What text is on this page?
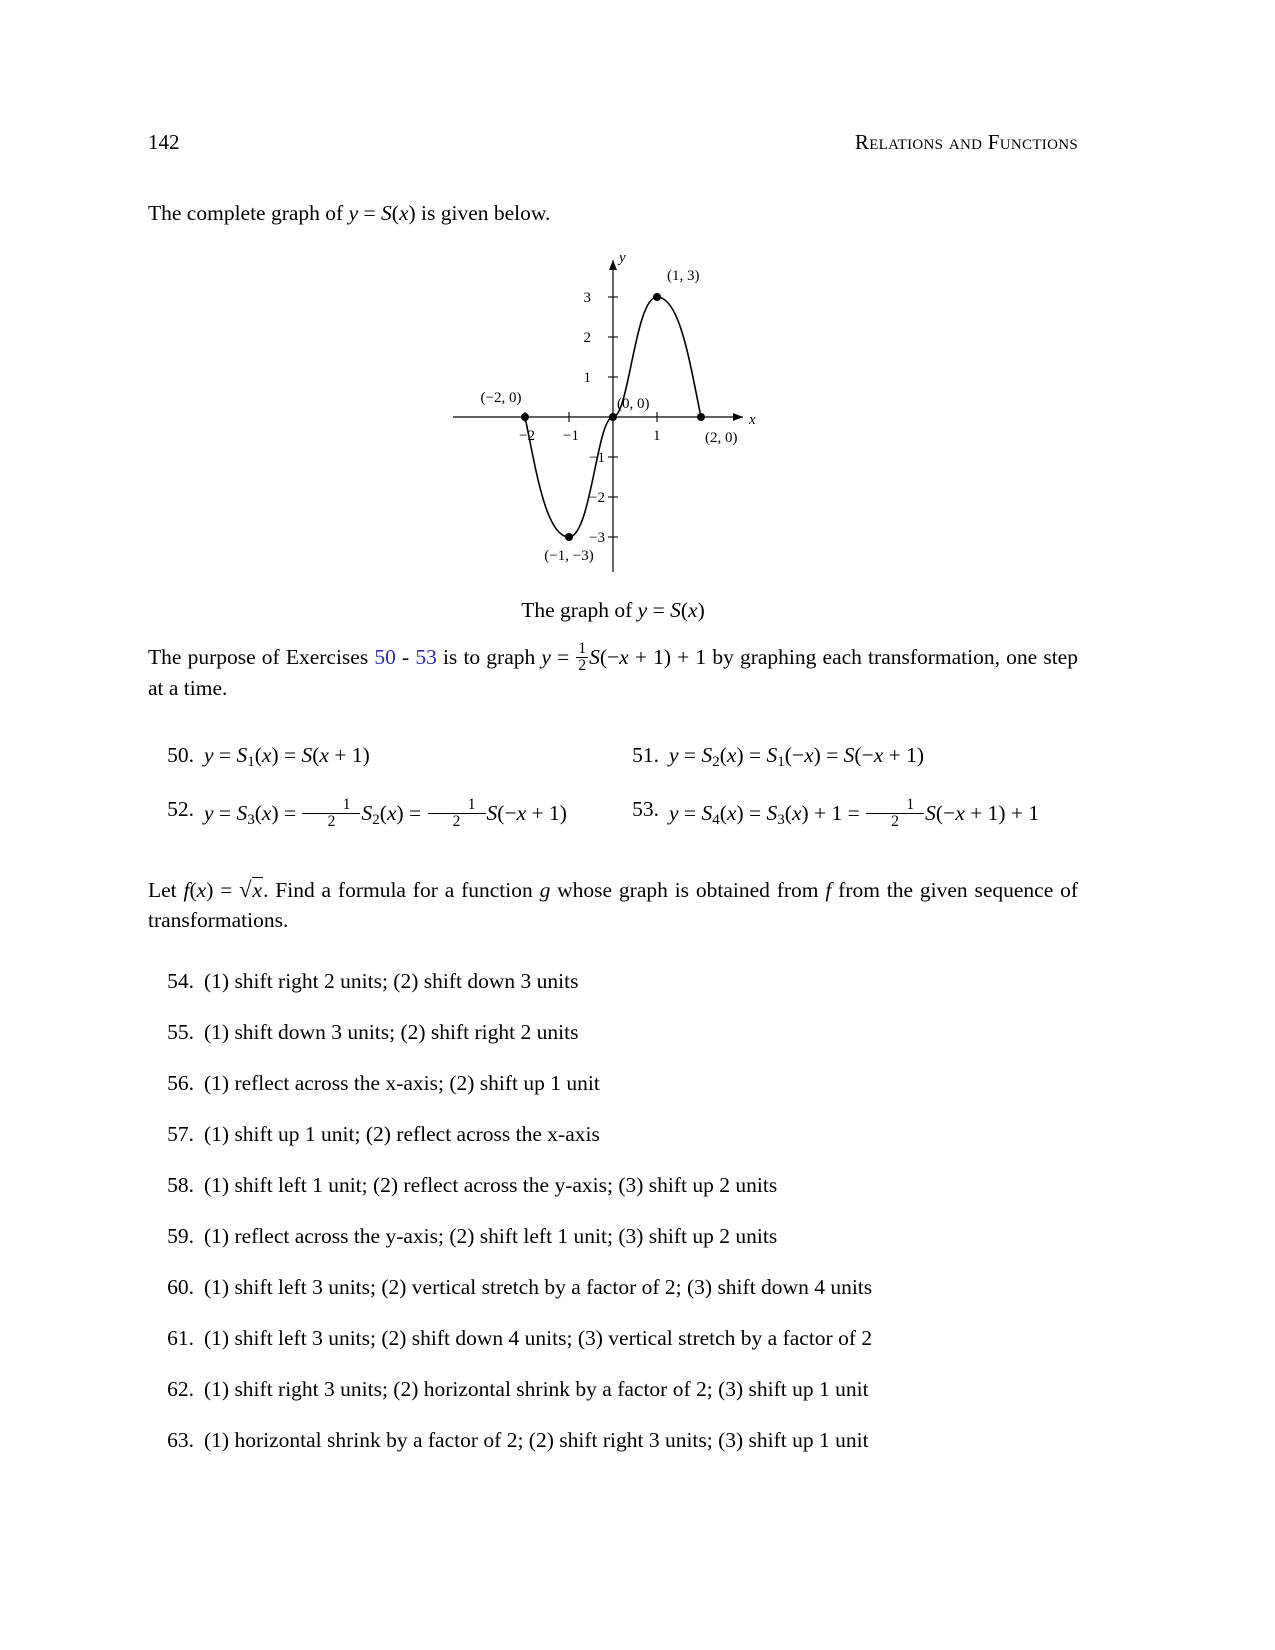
142	Relations and Functions
The complete graph of y = S(x) is given below.
x
y
−2 −1	1
3
2
1
−1
−2
−3
(1, 3)
(−2, 0)	(0, 0)
(2, 0)
(−1, −3)
The graph of y = S(x)
The purpose of Exercises 50 - 53 is to graph $y = \frac{1}{2} S(-x + 1) + 1$ by graphing each transformation, one step at a time.
50. $y = S_1(x) = S(x + 1)$	51. $y = S_2(x) = S_1(-x) = S(-x + 1)$
52. $y = S_3(x) = \frac{1}{2} S_2(x) = \frac{1}{2} S(-x + 1)$	53. $y = S_4(x) = S_3(x) + 1 = \frac{1}{2} S(-x + 1) + 1$
Let f(x) = √x. Find a formula for a function g whose graph is obtained from f from the given sequence of transformations.
54. (1) shift right 2 units; (2) shift down 3 units
55. (1) shift down 3 units; (2) shift right 2 units
56. (1) reflect across the x-axis; (2) shift up 1 unit
57. (1) shift up 1 unit; (2) reflect across the x-axis
58. (1) shift left 1 unit; (2) reflect across the y-axis; (3) shift up 2 units
59. (1) reflect across the y-axis; (2) shift left 1 unit; (3) shift up 2 units
60. (1) shift left 3 units; (2) vertical stretch by a factor of 2; (3) shift down 4 units
61. (1) shift left 3 units; (2) shift down 4 units; (3) vertical stretch by a factor of 2
62. (1) shift right 3 units; (2) horizontal shrink by a factor of 2; (3) shift up 1 unit
63. (1) horizontal shrink by a factor of 2; (2) shift right 3 units; (3) shift up 1 unit
